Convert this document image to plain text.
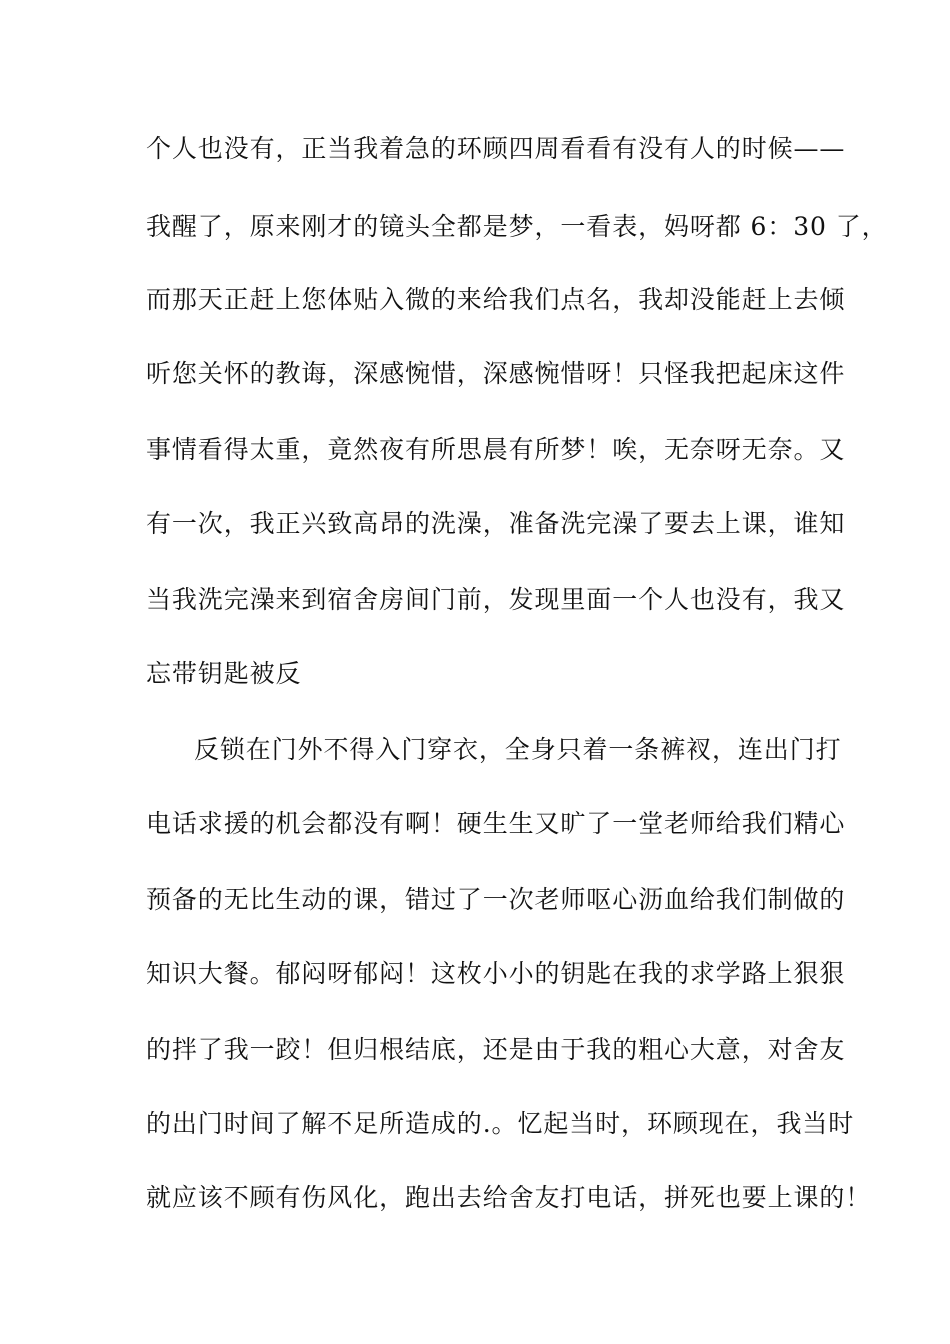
个人也没有，正当我着急的环顾四周看看有没有人的时候——
我醒了，原来刚才的镜头全都是梦，一看表，妈呀都 6：30 了，
而那天正赶上您体贴入微的来给我们点名，我却没能赶上去倾
听您关怀的教诲，深感惋惜，深感惋惜呀！只怪我把起床这件
事情看得太重，竟然夜有所思晨有所梦！唉，无奈呀无奈。又
有一次，我正兴致高昂的洗澡，准备洗完澡了要去上课，谁知
当我洗完澡来到宿舍房间门前，发现里面一个人也没有，我又
忘带钥匙被反
反锁在门外不得入门穿衣，全身只着一条裤衩，连出门打
电话求援的机会都没有啊！硬生生又旷了一堂老师给我们精心
预备的无比生动的课，错过了一次老师呕心沥血给我们制做的
知识大餐。郁闷呀郁闷！这枚小小的钥匙在我的求学路上狠狠
的拌了我一跤！但归根结底，还是由于我的粗心大意，对舍友
的出门时间了解不足所造成的.。忆起当时，环顾现在，我当时
就应该不顾有伤风化，跑出去给舍友打电话，拼死也要上课的！
